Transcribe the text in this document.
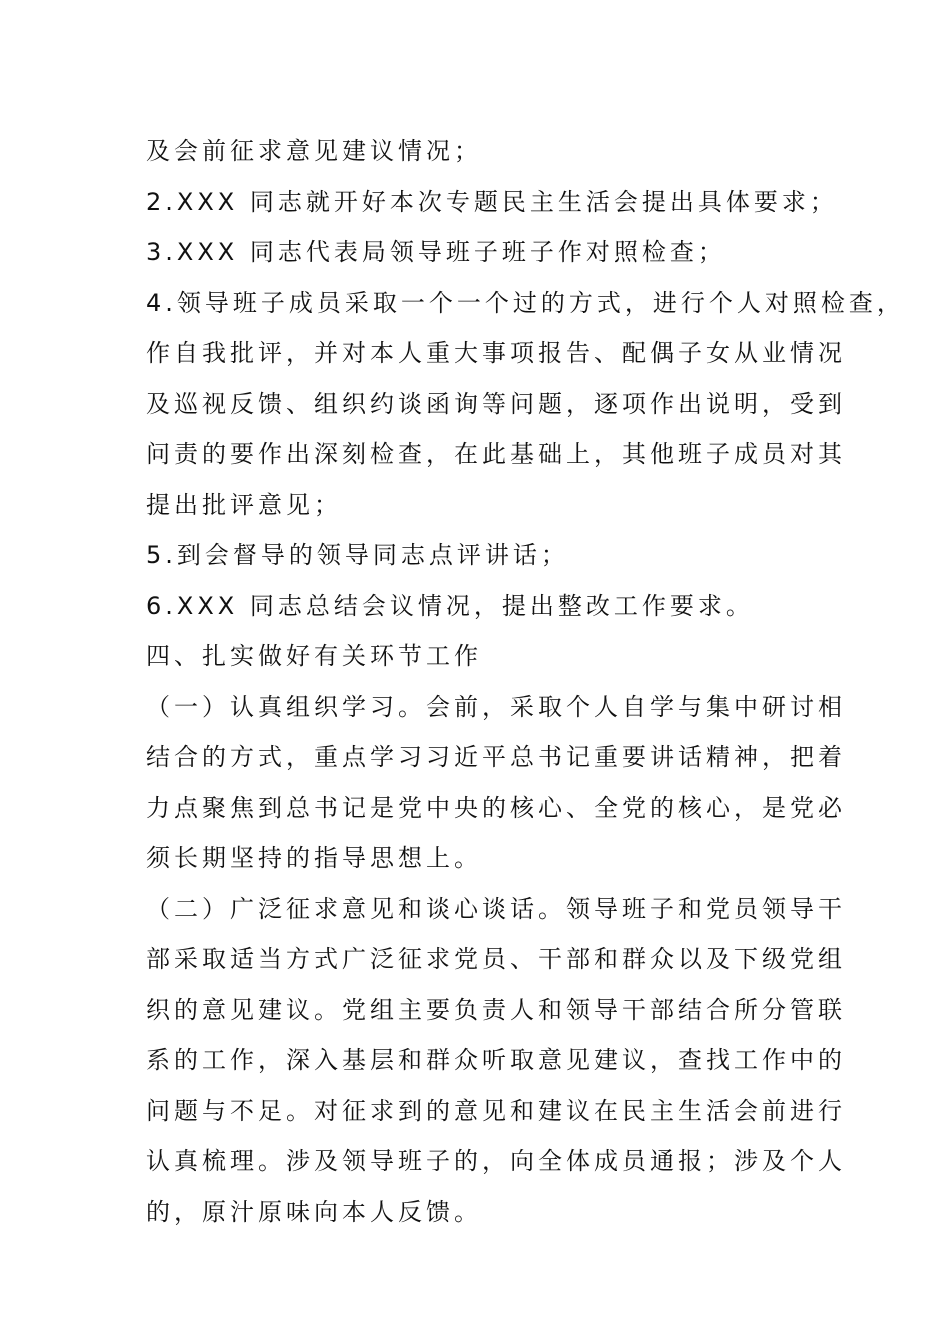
及会前征求意见建议情况；
2.XXX 同志就开好本次专题民主生活会提出具体要求；
3.XXX 同志代表局领导班子班子作对照检查；
4.领导班子成员采取一个一个过的方式，进行个人对照检查，
作自我批评，并对本人重大事项报告、配偶子女从业情况
及巡视反馈、组织约谈函询等问题，逐项作出说明，受到
问责的要作出深刻检查，在此基础上，其他班子成员对其
提出批评意见；
5.到会督导的领导同志点评讲话；
6.XXX 同志总结会议情况，提出整改工作要求。
四、扎实做好有关环节工作
（一）认真组织学习。会前，采取个人自学与集中研讨相
结合的方式，重点学习习近平总书记重要讲话精神，把着
力点聚焦到总书记是党中央的核心、全党的核心，是党必
须长期坚持的指导思想上。
（二）广泛征求意见和谈心谈话。领导班子和党员领导干
部采取适当方式广泛征求党员、干部和群众以及下级党组
织的意见建议。党组主要负责人和领导干部结合所分管联
系的工作，深入基层和群众听取意见建议，查找工作中的
问题与不足。对征求到的意见和建议在民主生活会前进行
认真梳理。涉及领导班子的，向全体成员通报；涉及个人
的，原汁原味向本人反馈。
